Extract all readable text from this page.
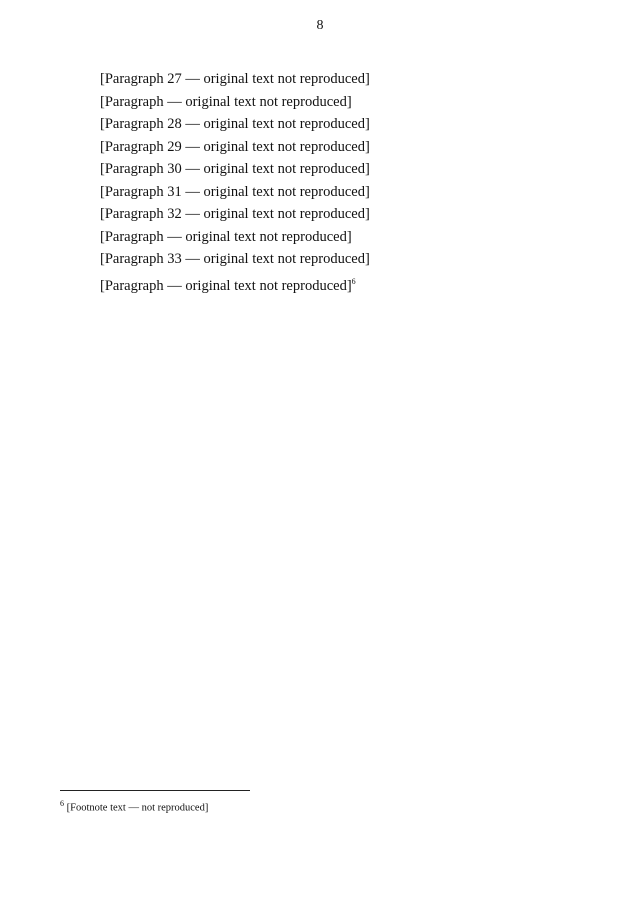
8

[Paragraph 27 — original text not reproduced]

[Paragraph — original text not reproduced]

[Paragraph 28 — original text not reproduced]

[Paragraph 29 — original text not reproduced]

[Paragraph 30 — original text not reproduced]

[Paragraph 31 — original text not reproduced]

[Paragraph 32 — original text not reproduced]

[Paragraph — original text not reproduced]

[Paragraph 33 — original text not reproduced]

[Paragraph — original text not reproduced]$^6$

$^6$ [Footnote text — not reproduced]
